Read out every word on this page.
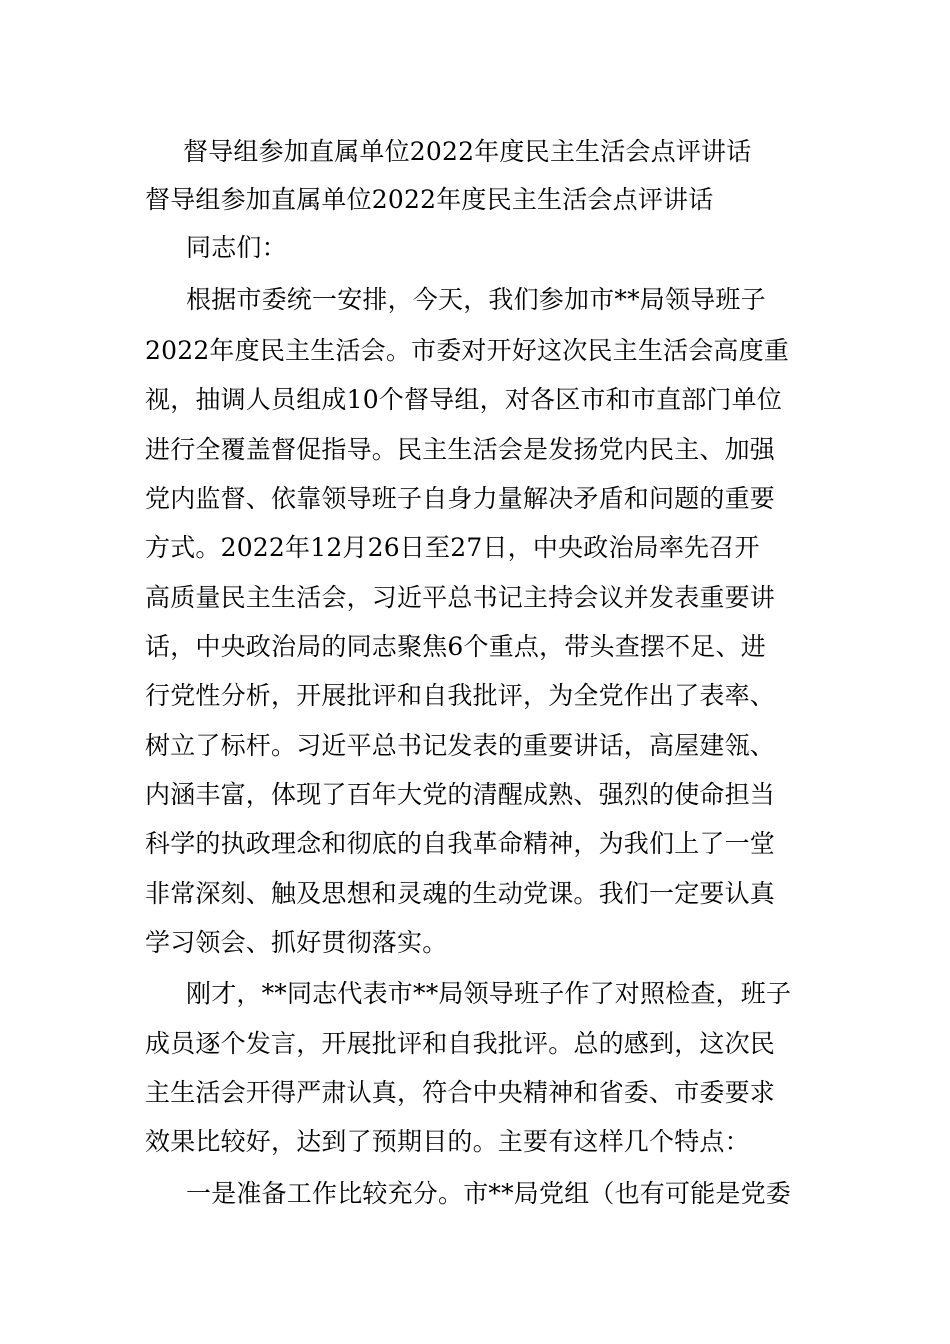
督导组参加直属单位2022年度民主生活会点评讲话
督导组参加直属单位2022年度民主生活会点评讲话
同志们：
根据市委统一安排，今天，我们参加市**局领导班子
2022年度民主生活会。市委对开好这次民主生活会高度重
视，抽调人员组成10个督导组，对各区市和市直部门单位
进行全覆盖督促指导。民主生活会是发扬党内民主、加强
党内监督、依靠领导班子自身力量解决矛盾和问题的重要
方式。2022年12月26日至27日，中央政治局率先召开
高质量民主生活会，习近平总书记主持会议并发表重要讲
话，中央政治局的同志聚焦6个重点，带头查摆不足、进
行党性分析，开展批评和自我批评，为全党作出了表率、
树立了标杆。习近平总书记发表的重要讲话，高屋建瓴、
内涵丰富，体现了百年大党的清醒成熟、强烈的使命担当
科学的执政理念和彻底的自我革命精神，为我们上了一堂
非常深刻、触及思想和灵魂的生动党课。我们一定要认真
学习领会、抓好贯彻落实。
刚才，**同志代表市**局领导班子作了对照检查，班子
成员逐个发言，开展批评和自我批评。总的感到，这次民
主生活会开得严肃认真，符合中央精神和省委、市委要求
效果比较好，达到了预期目的。主要有这样几个特点：
一是准备工作比较充分。市**局党组（也有可能是党委
